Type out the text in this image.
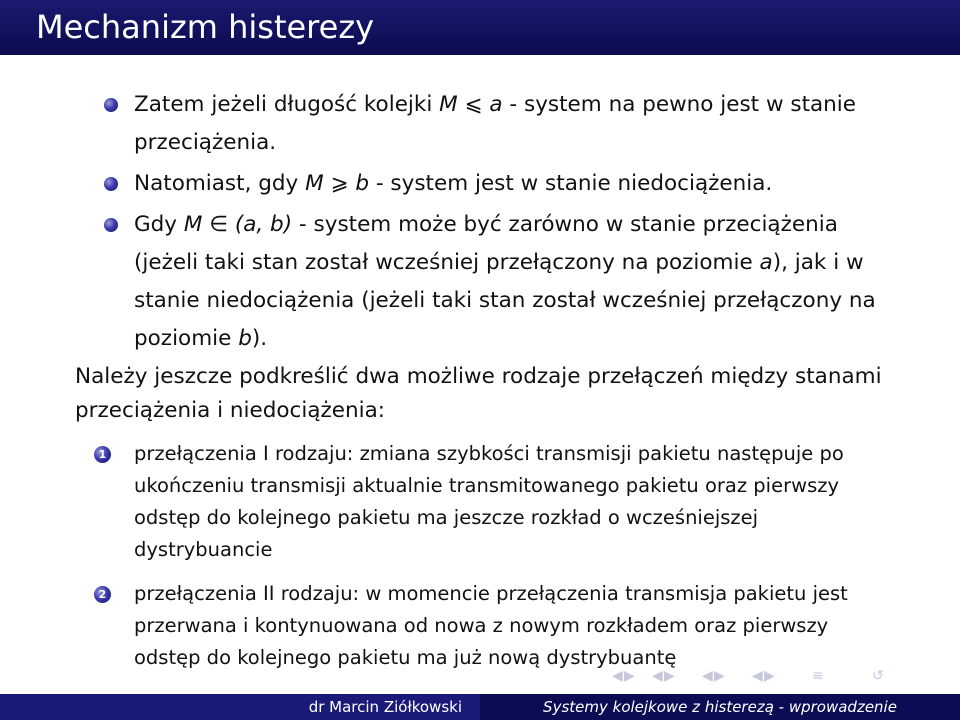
Mechanizm histerezy
Zatem jeżeli długość kolejki M ⩽ a - system na pewno jest w stanie przeciążenia.
Natomiast, gdy M ⩾ b - system jest w stanie niedociążenia.
Gdy M ∈ (a, b) - system może być zarówno w stanie przeciążenia (jeżeli taki stan został wcześniej przełączony na poziomie a), jak i w stanie niedociążenia (jeżeli taki stan został wcześniej przełączony na poziomie b).
Należy jeszcze podkreślić dwa możliwe rodzaje przełączeń między stanami przeciążenia i niedociążenia:
1 przełączenia I rodzaju: zmiana szybkości transmisji pakietu następuje po ukończeniu transmisji aktualnie transmitowanego pakietu oraz pierwszy odstęp do kolejnego pakietu ma jeszcze rozkład o wcześniejszej dystrybuancie
2 przełączenia II rodzaju: w momencie przełączenia transmisja pakietu jest przerwana i kontynuowana od nowa z nowym rozkładem oraz pierwszy odstęp do kolejnego pakietu ma już nową dystrybuantę
◀ ▶ ◀ ▶ ◀ ▶ ◀ ▶	≡	↺
dr Marcin Ziółkowski	Systemy kolejkowe z histerezą - wprowadzenie
